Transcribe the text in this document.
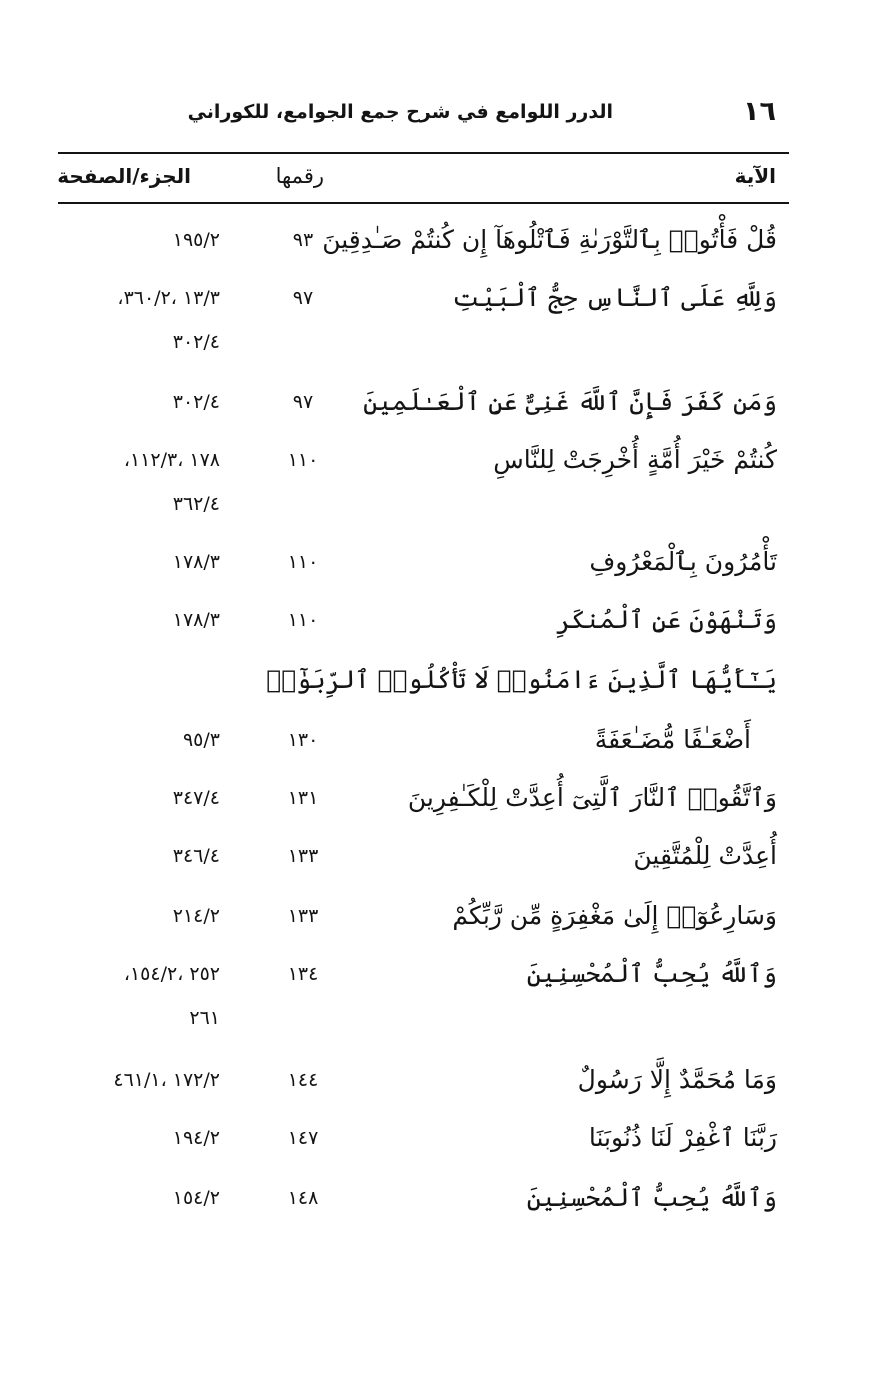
١٦
الدرر اللوامع في شرح جمع الجوامع، للكوراني
الآية
رقمها
الجزء/الصفحة
قُلْ فَأْتُوا۟ بِٱلتَّوْرَىٰةِ فَٱتْلُوهَآ إِن كُنتُمْ صَـٰدِقِينَ
٩٣
١٩٥/٢
وَلِلَّهِ عَلَى ٱلنَّاسِ حِجُّ ٱلْبَيْتِ
٩٧
١٣/٣ ،٣٦٠/٢،
٣٠٢/٤
وَمَن كَفَرَ فَإِنَّ ٱللَّهَ غَنِىٌّ عَنِ ٱلْعَـٰلَمِينَ
٩٧
٣٠٢/٤
كُنتُمْ خَيْرَ أُمَّةٍ أُخْرِجَتْ لِلنَّاسِ
١١٠
١٧٨ ،١١٢/٣،
٣٦٢/٤
تَأْمُرُونَ بِٱلْمَعْرُوفِ
١١٠
١٧٨/٣
وَتَنْهَوْنَ عَنِ ٱلْمُنكَرِ
١١٠
١٧٨/٣
يَـٰٓأَيُّهَا ٱلَّذِينَ ءَامَنُوا۟ لَا تَأْكُلُوا۟ ٱلرِّبَوٰٓا۟
أَضْعَـٰفًا مُّضَـٰعَفَةً
١٣٠
٩٥/٣
وَٱتَّقُوا۟ ٱلنَّارَ ٱلَّتِىٓ أُعِدَّتْ لِلْكَـٰفِرِينَ
١٣١
٣٤٧/٤
أُعِدَّتْ لِلْمُتَّقِينَ
١٣٣
٣٤٦/٤
وَسَارِعُوٓا۟ إِلَىٰ مَغْفِرَةٍ مِّن رَّبِّكُمْ
١٣٣
٢١٤/٢
وَٱللَّهُ يُحِبُّ ٱلْمُحْسِنِينَ
١٣٤
٢٥٢ ،١٥٤/٢،
٢٦١
وَمَا مُحَمَّدٌ إِلَّا رَسُولٌ
١٤٤
١٧٢/٢ ،٤٦١/١
رَبَّنَا ٱغْفِرْ لَنَا ذُنُوبَنَا
١٤٧
١٩٤/٢
وَٱللَّهُ يُحِبُّ ٱلْمُحْسِنِينَ
١٤٨
١٥٤/٢
